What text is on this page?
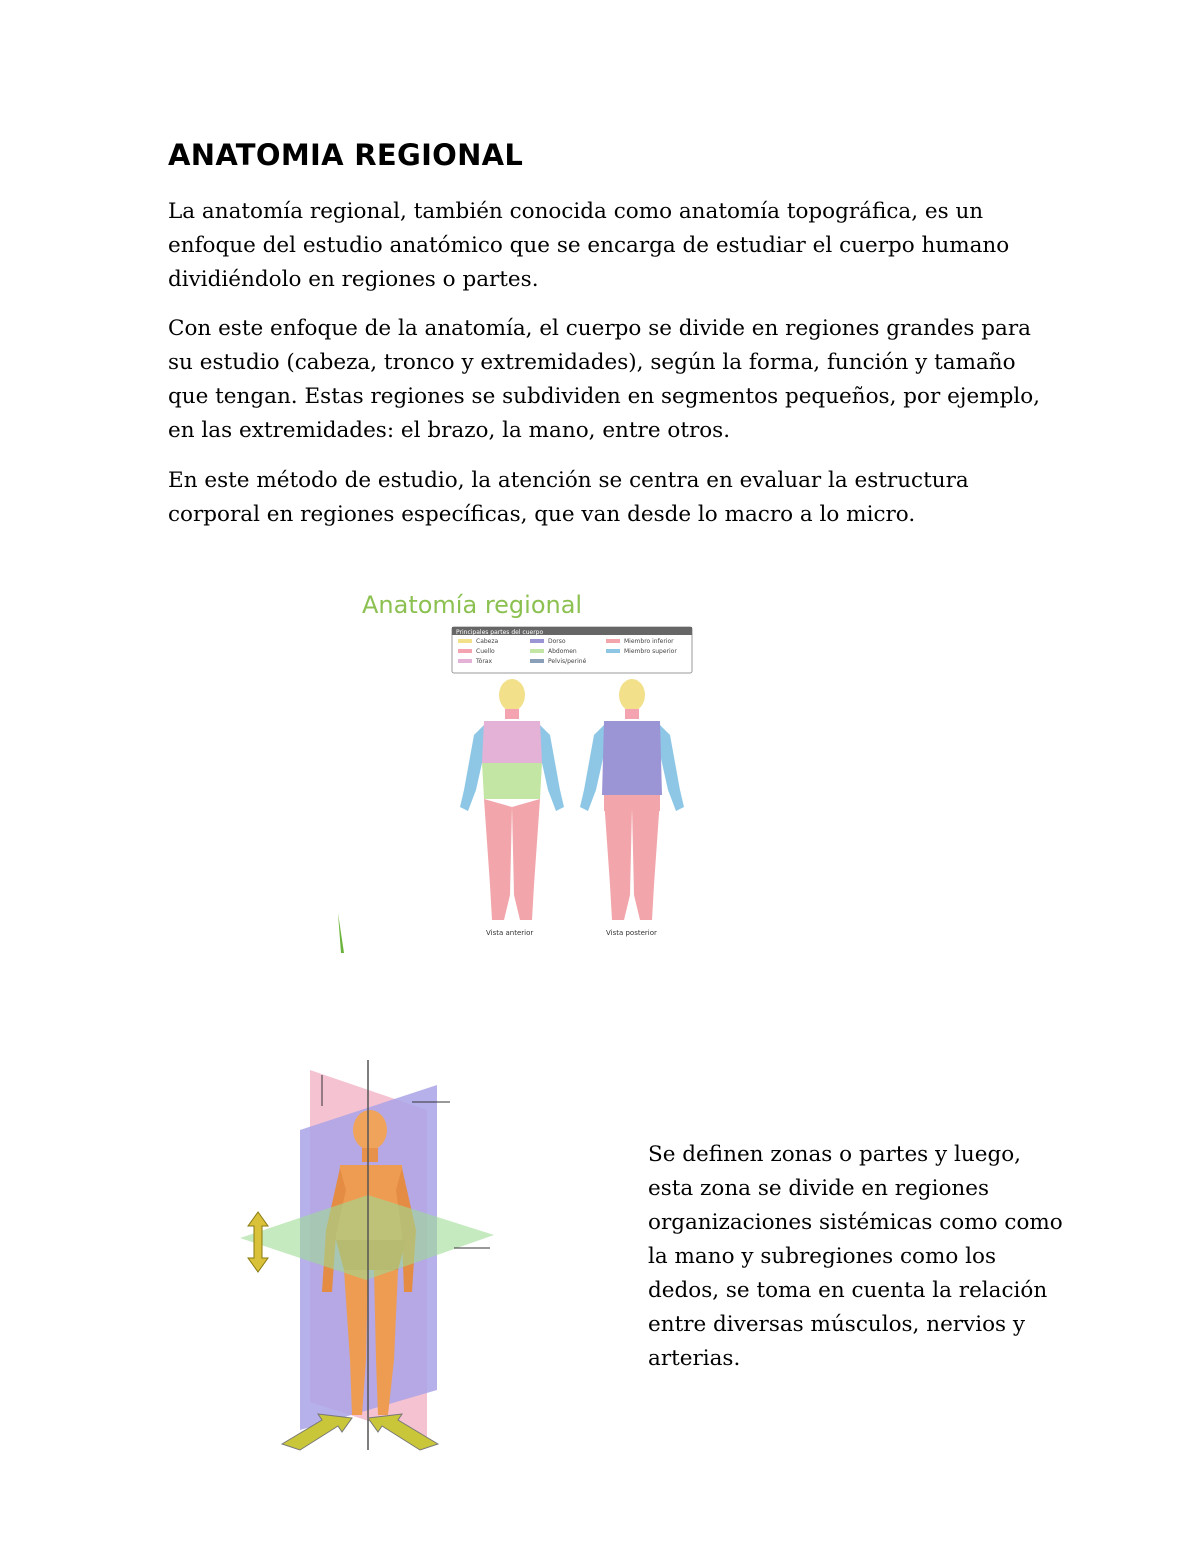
ANATOMIA REGIONAL

La anatomía regional, también conocida como anatomía topográfica, es un enfoque del estudio anatómico que se encarga de estudiar el cuerpo humano dividiéndolo en regiones o partes.

Con este enfoque de la anatomía, el cuerpo se divide en regiones grandes para su estudio (cabeza, tronco y extremidades), según la forma, función y tamaño que tengan. Estas regiones se subdividen en segmentos pequeños, por ejemplo, en las extremidades: el brazo, la mano, entre otros.

En este método de estudio, la atención se centra en evaluar la estructura corporal en regiones específicas, que van desde lo macro a lo micro.

Anatomía regional
Principales partes del cuerpo
Cabeza
Cuello
Tórax
Dorso
Abdomen
Pelvis/periné
Miembro inferior
Miembro superior
Vista anterior	Vista posterior

Se definen zonas o partes y luego, esta zona se divide en regiones organizaciones sistémicas como como la mano y subregiones como los dedos, se toma en cuenta la relación entre diversas músculos, nervios y arterias.
